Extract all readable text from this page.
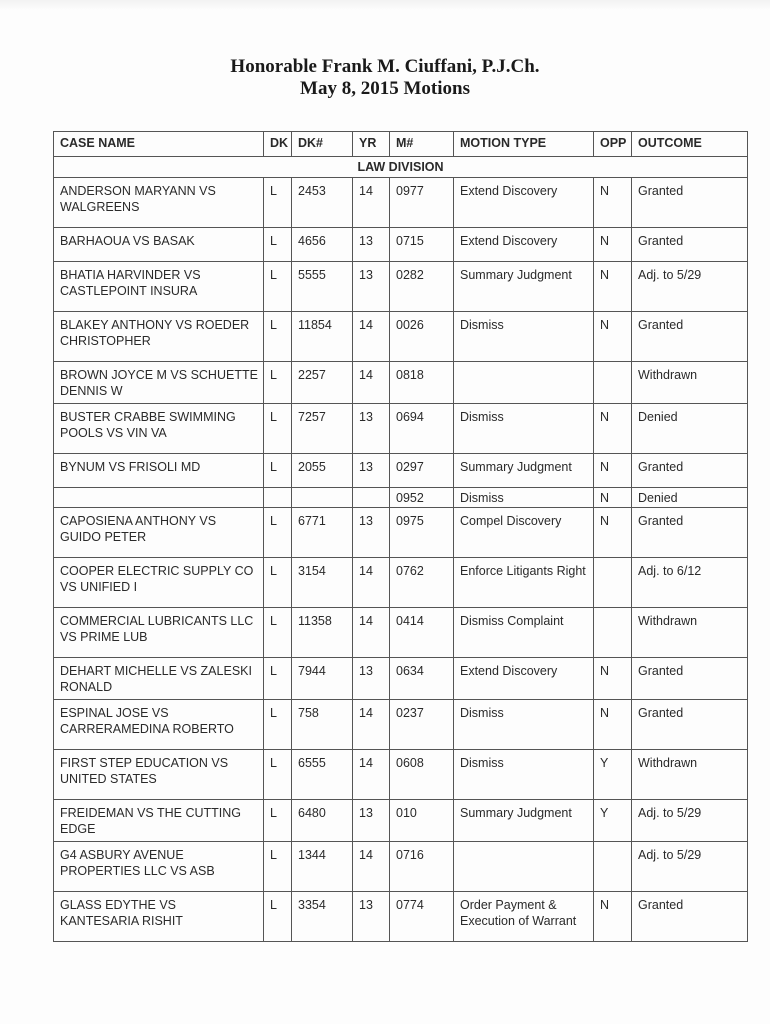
Honorable Frank M. Ciuffani, P.J.Ch.
May 8, 2015 Motions
CASE NAME	DK	DK#	YR	M#	MOTION TYPE	OPP	OUTCOME
LAW DIVISION							
ANDERSON MARYANN VS WALGREENS	L	2453	14	0977	Extend Discovery	N	Granted
BARHAOUA VS BASAK	L	4656	13	0715	Extend Discovery	N	Granted
BHATIA HARVINDER VS CASTLEPOINT INSURA	L	5555	13	0282	Summary Judgment	N	Adj. to 5/29
BLAKEY ANTHONY VS ROEDER CHRISTOPHER	L	11854	14	0026	Dismiss	N	Granted
BROWN JOYCE M VS SCHUETTE DENNIS W	L	2257	14	0818			Withdrawn
BUSTER CRABBE SWIMMING POOLS VS VIN VA	L	7257	13	0694	Dismiss	N	Denied
BYNUM VS FRISOLI MD	L	2055	13	0297	Summary Judgment	N	Granted
				0952	Dismiss	N	Denied
CAPOSIENA ANTHONY VS GUIDO PETER	L	6771	13	0975	Compel Discovery	N	Granted
COOPER ELECTRIC SUPPLY CO VS UNIFIED I	L	3154	14	0762	Enforce Litigants Right		Adj. to 6/12
COMMERCIAL LUBRICANTS LLC VS PRIME LUB	L	11358	14	0414	Dismiss Complaint		Withdrawn
DEHART MICHELLE VS ZALESKI RONALD	L	7944	13	0634	Extend Discovery	N	Granted
ESPINAL JOSE VS CARRERAMEDINA ROBERTO	L	758	14	0237	Dismiss	N	Granted
FIRST STEP EDUCATION VS UNITED STATES	L	6555	14	0608	Dismiss	Y	Withdrawn
FREIDEMAN VS THE CUTTING EDGE	L	6480	13	010	Summary Judgment	Y	Adj. to 5/29
G4 ASBURY AVENUE PROPERTIES LLC VS ASB	L	1344	14	0716			Adj. to 5/29
GLASS EDYTHE VS KANTESARIA RISHIT	L	3354	13	0774	Order Payment & Execution of Warrant	N	Granted
